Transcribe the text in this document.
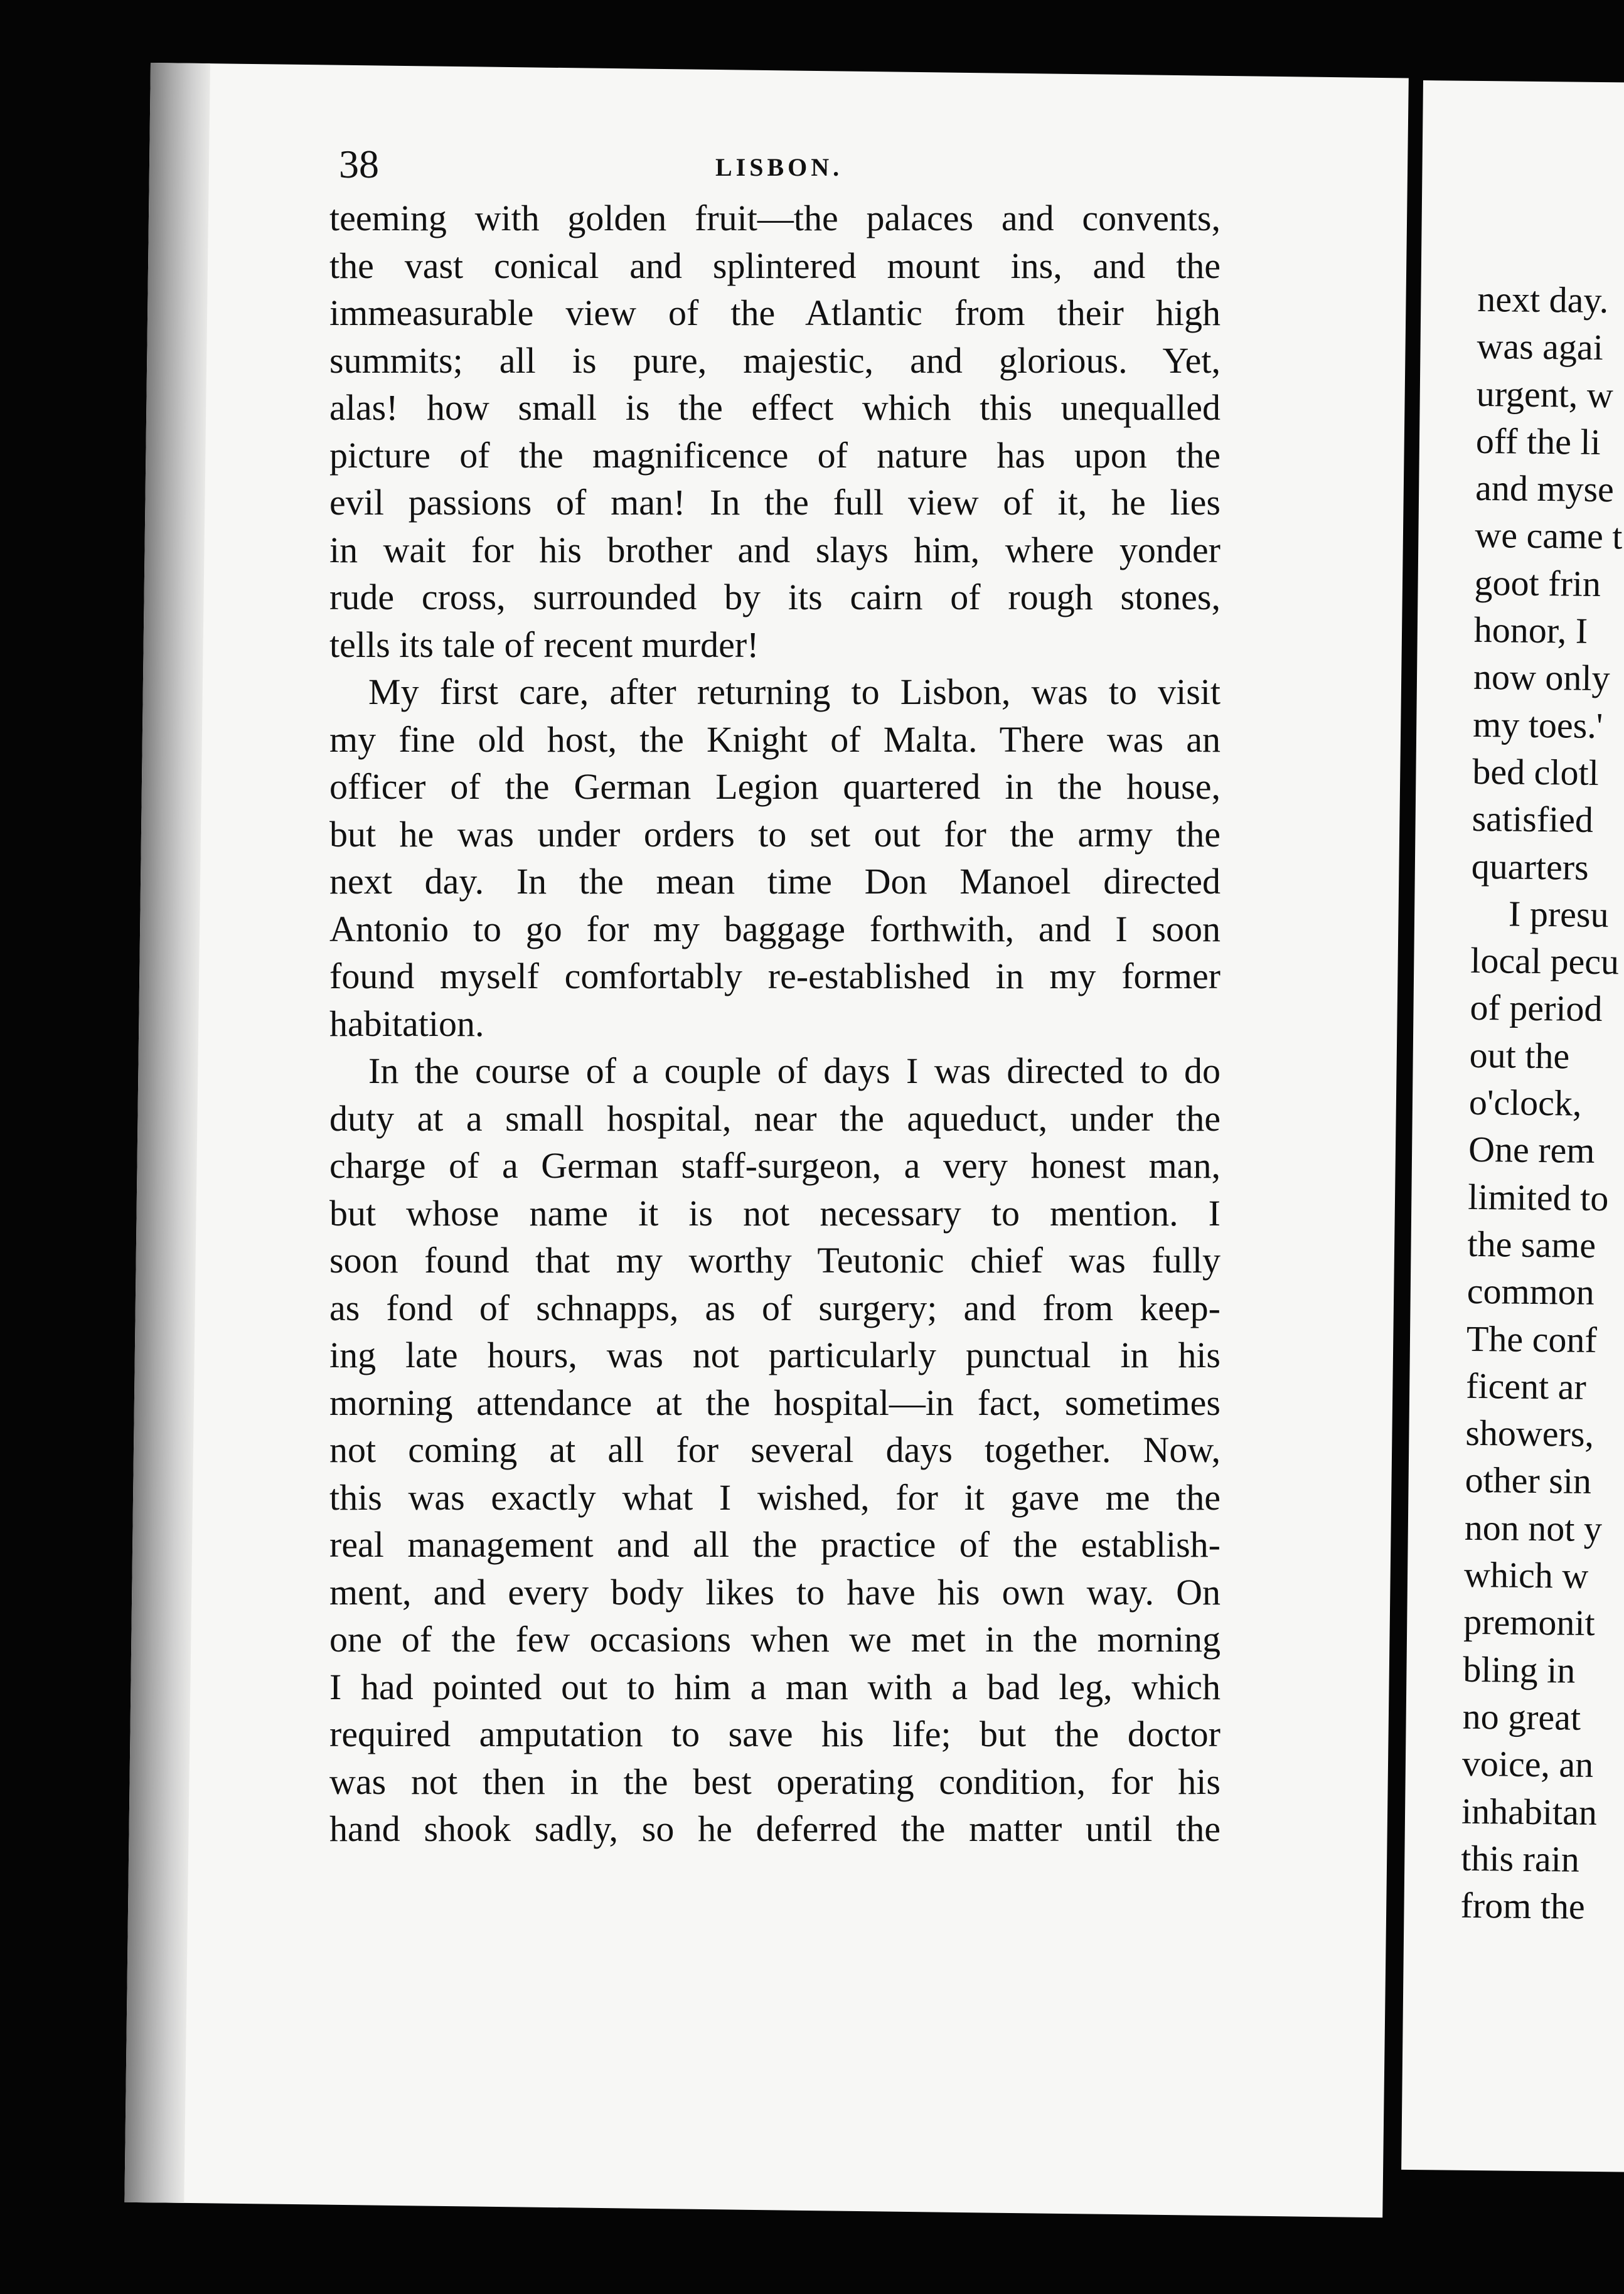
next day.
was agai
urgent, w
off the li
and myse
we came t
goot frin
honor, I
now only
my toes.'
bed clotl
satisfied
quarters
I presu
local pecu
of period
out the
o'clock,
One rem
limited to
the same
common
The conf
ficent ar
showers,
other sin
non not y
which w
premonit
bling in
no great
voice, an
inhabitan
this rain
from the
38	LISBON.
teeming with golden fruit—the palaces and convents,
the vast conical and splintered mount ins, and the
immeasurable view of the Atlantic from their high
summits; all is pure, majestic, and glorious. Yet,
alas! how small is the effect which this unequalled
picture of the magnificence of nature has upon the
evil passions of man! In the full view of it, he lies
in wait for his brother and slays him, where yonder
rude cross, surrounded by its cairn of rough stones,
tells its tale of recent murder!
My first care, after returning to Lisbon, was to visit
my fine old host, the Knight of Malta. There was an
officer of the German Legion quartered in the house,
but he was under orders to set out for the army the
next day. In the mean time Don Manoel directed
Antonio to go for my baggage forthwith, and I soon
found myself comfortably re-established in my former
habitation.
In the course of a couple of days I was directed to do
duty at a small hospital, near the aqueduct, under the
charge of a German staff-surgeon, a very honest man,
but whose name it is not necessary to mention. I
soon found that my worthy Teutonic chief was fully
as fond of schnapps, as of surgery; and from keep-
ing late hours, was not particularly punctual in his
morning attendance at the hospital—in fact, sometimes
not coming at all for several days together. Now,
this was exactly what I wished, for it gave me the
real management and all the practice of the establish-
ment, and every body likes to have his own way. On
one of the few occasions when we met in the morning
I had pointed out to him a man with a bad leg, which
required amputation to save his life; but the doctor
was not then in the best operating condition, for his
hand shook sadly, so he deferred the matter until the
